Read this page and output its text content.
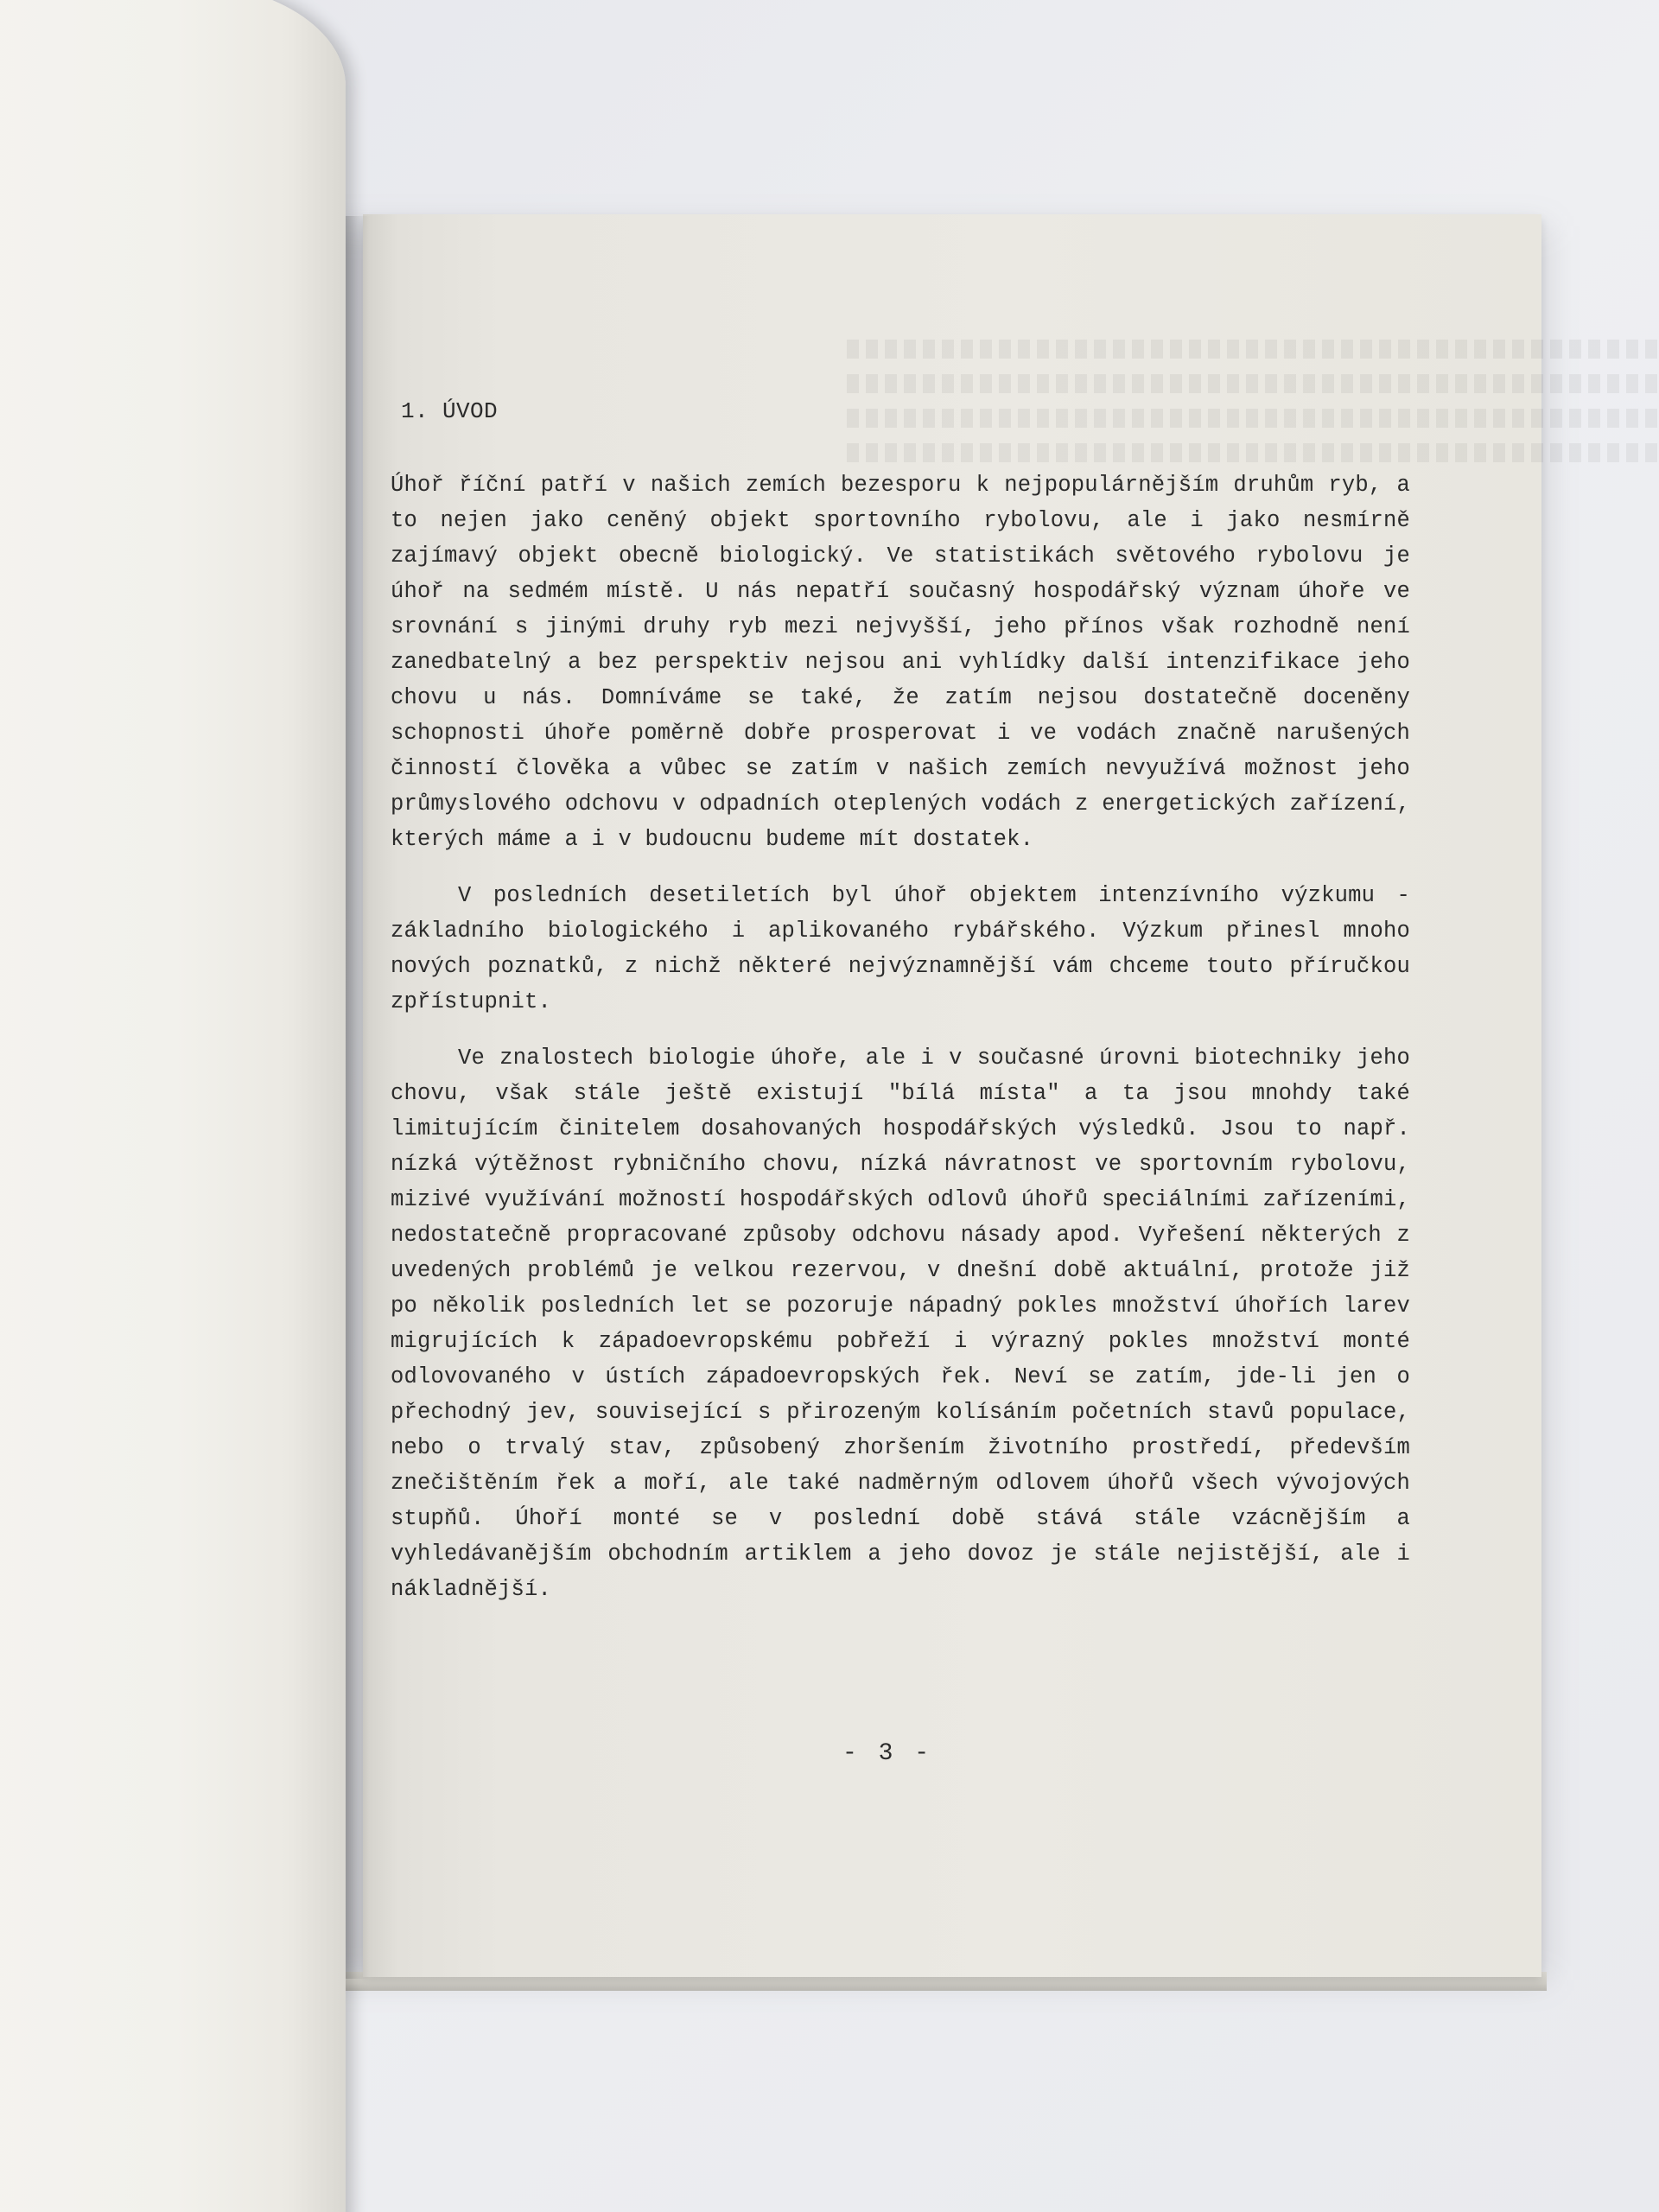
1. ÚVOD

Úhoř říční patří v našich zemích bezesporu k nejpopulárnějším druhům ryb, a to nejen jako ceněný objekt sportovního rybolovu, ale i jako nesmírně zajímavý objekt obecně biologický. Ve statistikách světového rybolovu je úhoř na sedmém místě. U nás nepatří současný hospodářský význam úhoře ve srovnání s jinými druhy ryb mezi nejvyšší, jeho přínos však rozhodně není zanedbatelný a bez perspektiv nejsou ani vyhlídky další intenzifikace jeho chovu u nás. Domníváme se také, že zatím nejsou dostatečně doceněny schopnosti úhoře poměrně dobře prosperovat i ve vodách značně narušených činností člověka a vůbec se zatím v našich zemích nevyužívá možnost jeho průmyslového odchovu v odpadních oteplených vodách z energetických zařízení, kterých máme a i v budoucnu budeme mít dostatek.

V posledních desetiletích byl úhoř objektem intenzívního výzkumu - základního biologického i aplikovaného rybářského. Výzkum přinesl mnoho nových poznatků, z nichž některé nejvýznamnější vám chceme touto příručkou zpřístupnit.

Ve znalostech biologie úhoře, ale i v současné úrovni biotechniky jeho chovu, však stále ještě existují "bílá místa" a ta jsou mnohdy také limitujícím činitelem dosahovaných hospodářských výsledků. Jsou to např. nízká výtěžnost rybničního chovu, nízká návratnost ve sportovním rybolovu, mizivé využívání možností hospodářských odlovů úhořů speciálními zařízeními, nedostatečně propracované způsoby odchovu násady apod. Vyřešení některých z uvedených problémů je velkou rezervou, v dnešní době aktuální, protože již po několik posledních let se pozoruje nápadný pokles množství úhořích larev migrujících k západoevropskému pobřeží i výrazný pokles množství monté odlovovaného v ústích západoevropských řek. Neví se zatím, jde-li jen o přechodný jev, související s přirozeným kolísáním početních stavů populace, nebo o trvalý stav, způsobený zhoršením životního prostředí, především znečištěním řek a moří, ale také nadměrným odlovem úhořů všech vývojových stupňů. Úhoří monté se v poslední době stává stále vzácnějším a vyhledávanějším obchodním artiklem a jeho dovoz je stále nejistější, ale i nákladnější.

- 3 -
